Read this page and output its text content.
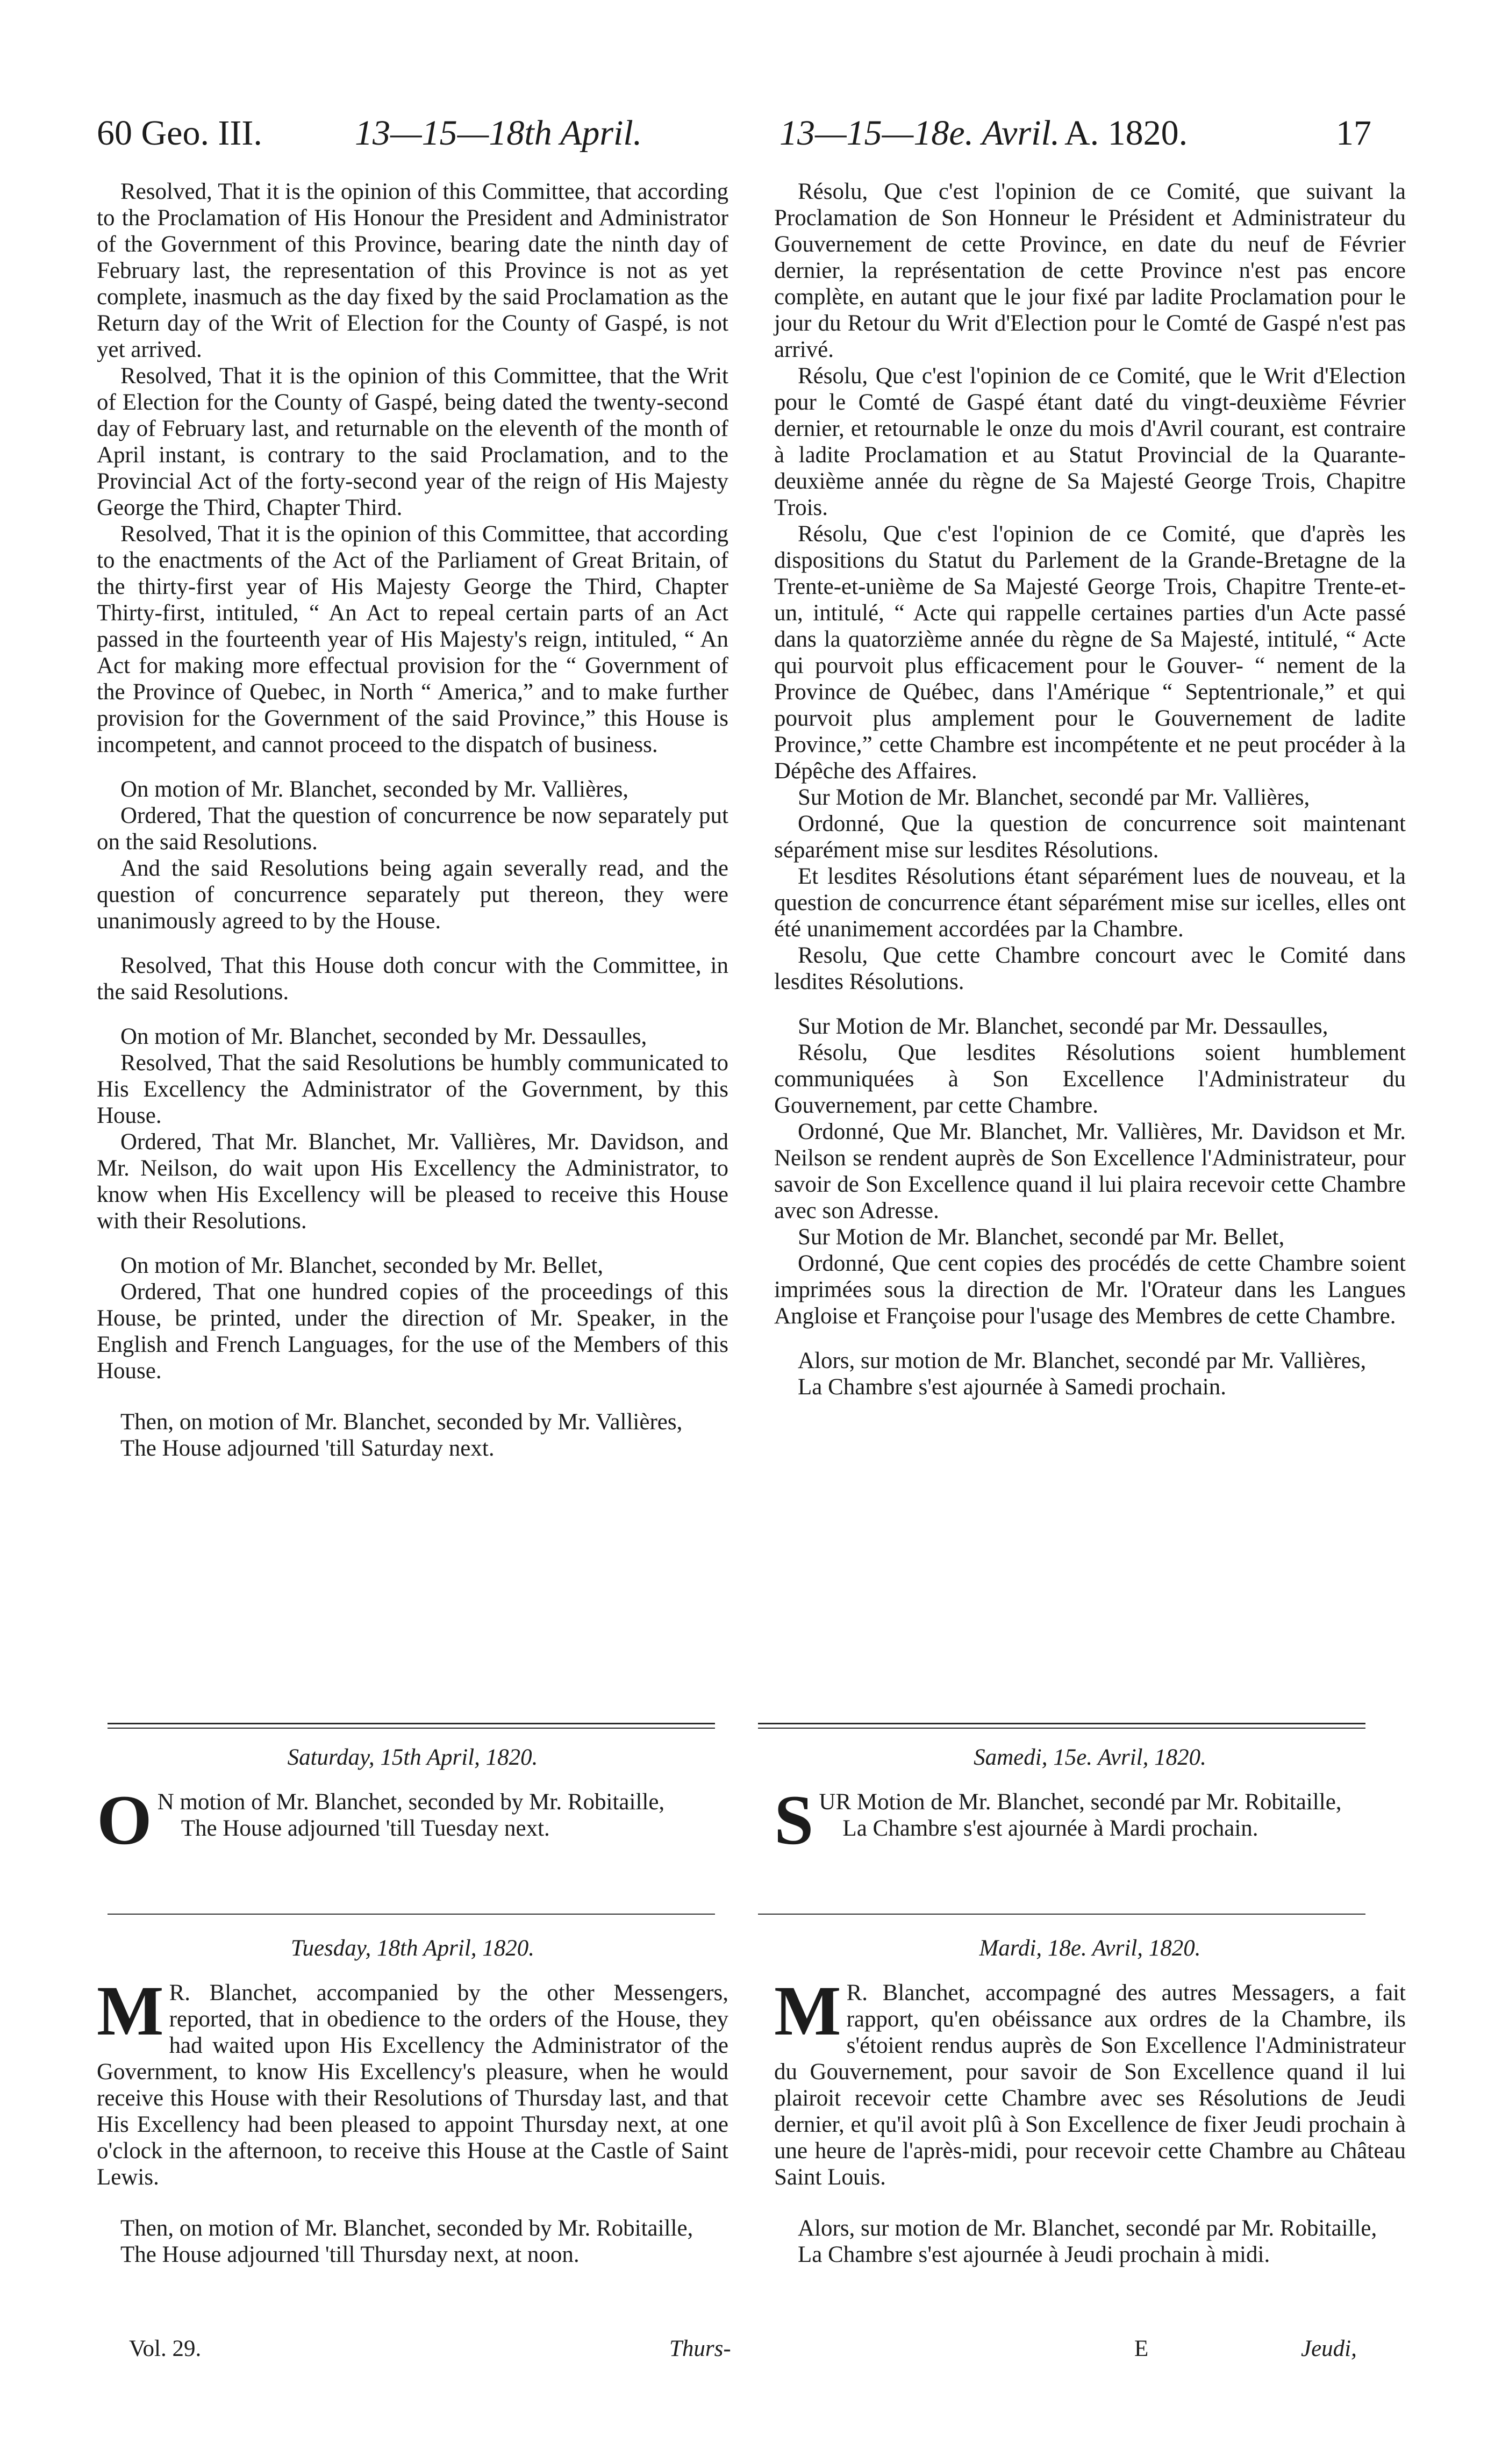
60 Geo. III.	13—15—18th April.	13—15—18e. Avril. A. 1820.	17

Resolved, That it is the opinion of this Committee, that according to the Proclamation of His Honour the President and Administrator of the Government of this Province, bearing date the ninth day of February last, the representation of this Province is not as yet complete, inasmuch as the day fixed by the said Proclamation as the Return day of the Writ of Election for the County of Gaspé, is not yet arrived.

Resolved, That it is the opinion of this Committee, that the Writ of Election for the County of Gaspé, being dated the twenty-second day of February last, and returnable on the eleventh of the month of April instant, is contrary to the said Proclamation, and to the Provincial Act of the forty-second year of the reign of His Majesty George the Third, Chapter Third.

Resolved, That it is the opinion of this Committee, that according to the enactments of the Act of the Parliament of Great Britain, of the thirty-first year of His Majesty George the Third, Chapter Thirty-first, intituled, “ An Act to repeal certain parts of an Act passed in the fourteenth year of His Majesty's reign, intituled, “ An Act for making more effectual provision for the “ Government of the Province of Quebec, in North “ America,” and to make further provision for the Government of the said Province,” this House is incompetent, and cannot proceed to the dispatch of business.

On motion of Mr. Blanchet, seconded by Mr. Vallières,

Ordered, That the question of concurrence be now separately put on the said Resolutions.

And the said Resolutions being again severally read, and the question of concurrence separately put thereon, they were unanimously agreed to by the House.

Resolved, That this House doth concur with the Committee, in the said Resolutions.

On motion of Mr. Blanchet, seconded by Mr. Dessaulles,

Resolved, That the said Resolutions be humbly communicated to His Excellency the Administrator of the Government, by this House.

Ordered, That Mr. Blanchet, Mr. Vallières, Mr. Davidson, and Mr. Neilson, do wait upon His Excellency the Administrator, to know when His Excellency will be pleased to receive this House with their Resolutions.

On motion of Mr. Blanchet, seconded by Mr. Bellet,

Ordered, That one hundred copies of the proceedings of this House, be printed, under the direction of Mr. Speaker, in the English and French Languages, for the use of the Members of this House.

Then, on motion of Mr. Blanchet, seconded by Mr. Vallières,

The House adjourned 'till Saturday next.

Résolu, Que c'est l'opinion de ce Comité, que suivant la Proclamation de Son Honneur le Président et Administrateur du Gouvernement de cette Province, en date du neuf de Février dernier, la représentation de cette Province n'est pas encore complète, en autant que le jour fixé par ladite Proclamation pour le jour du Retour du Writ d'Election pour le Comté de Gaspé n'est pas arrivé.

Résolu, Que c'est l'opinion de ce Comité, que le Writ d'Election pour le Comté de Gaspé étant daté du vingt-deuxième Février dernier, et retournable le onze du mois d'Avril courant, est contraire à ladite Proclamation et au Statut Provincial de la Quarante-deuxième année du règne de Sa Majesté George Trois, Chapitre Trois.

Résolu, Que c'est l'opinion de ce Comité, que d'après les dispositions du Statut du Parlement de la Grande-Bretagne de la Trente-et-unième de Sa Majesté George Trois, Chapitre Trente-et-un, intitulé, “ Acte qui rappelle certaines parties d'un Acte passé dans la quatorzième année du règne de Sa Majesté, intitulé, “ Acte qui pourvoit plus efficacement pour le Gouver- “ nement de la Province de Québec, dans l'Amérique “ Septentrionale,” et qui pourvoit plus amplement pour le Gouvernement de ladite Province,” cette Chambre est incompétente et ne peut procéder à la Dépêche des Affaires.

Sur Motion de Mr. Blanchet, secondé par Mr. Vallières,

Ordonné, Que la question de concurrence soit maintenant séparément mise sur lesdites Résolutions.

Et lesdites Résolutions étant séparément lues de nouveau, et la question de concurrence étant séparément mise sur icelles, elles ont été unanimement accordées par la Chambre.

Resolu, Que cette Chambre concourt avec le Comité dans lesdites Résolutions.

Sur Motion de Mr. Blanchet, secondé par Mr. Dessaulles,

Résolu, Que lesdites Résolutions soient humblement communiquées à Son Excellence l'Administrateur du Gouvernement, par cette Chambre.

Ordonné, Que Mr. Blanchet, Mr. Vallières, Mr. Davidson et Mr. Neilson se rendent auprès de Son Excellence l'Administrateur, pour savoir de Son Excellence quand il lui plaira recevoir cette Chambre avec son Adresse.

Sur Motion de Mr. Blanchet, secondé par Mr. Bellet,

Ordonné, Que cent copies des procédés de cette Chambre soient imprimées sous la direction de Mr. l'Orateur dans les Langues Angloise et Françoise pour l'usage des Membres de cette Chambre.

Alors, sur motion de Mr. Blanchet, secondé par Mr. Vallières,

La Chambre s'est ajournée à Samedi prochain.

Saturday, 15th April, 1820.

O N motion of Mr. Blanchet, seconded by Mr. Robitaille,

The House adjourned 'till Tuesday next.

Samedi, 15e. Avril, 1820.

S UR Motion de Mr. Blanchet, secondé par Mr. Robitaille,

La Chambre s'est ajournée à Mardi prochain.

Tuesday, 18th April, 1820.

M R. Blanchet, accompanied by the other Messengers, reported, that in obedience to the orders of the House, they had waited upon His Excellency the Administrator of the Government, to know His Excellency's pleasure, when he would receive this House with their Resolutions of Thursday last, and that His Excellency had been pleased to appoint Thursday next, at one o'clock in the afternoon, to receive this House at the Castle of Saint Lewis.

Then, on motion of Mr. Blanchet, seconded by Mr. Robitaille,

The House adjourned 'till Thursday next, at noon.

Mardi, 18e. Avril, 1820.

M R. Blanchet, accompagné des autres Messagers, a fait rapport, qu'en obéissance aux ordres de la Chambre, ils s'étoient rendus auprès de Son Excellence l'Administrateur du Gouvernement, pour savoir de Son Excellence quand il lui plairoit recevoir cette Chambre avec ses Résolutions de Jeudi dernier, et qu'il avoit plû à Son Excellence de fixer Jeudi prochain à une heure de l'après-midi, pour recevoir cette Chambre au Château Saint Louis.

Alors, sur motion de Mr. Blanchet, secondé par Mr. Robitaille,

La Chambre s'est ajournée à Jeudi prochain à midi.

Vol. 29.	Thurs-	E	Jeudi,
